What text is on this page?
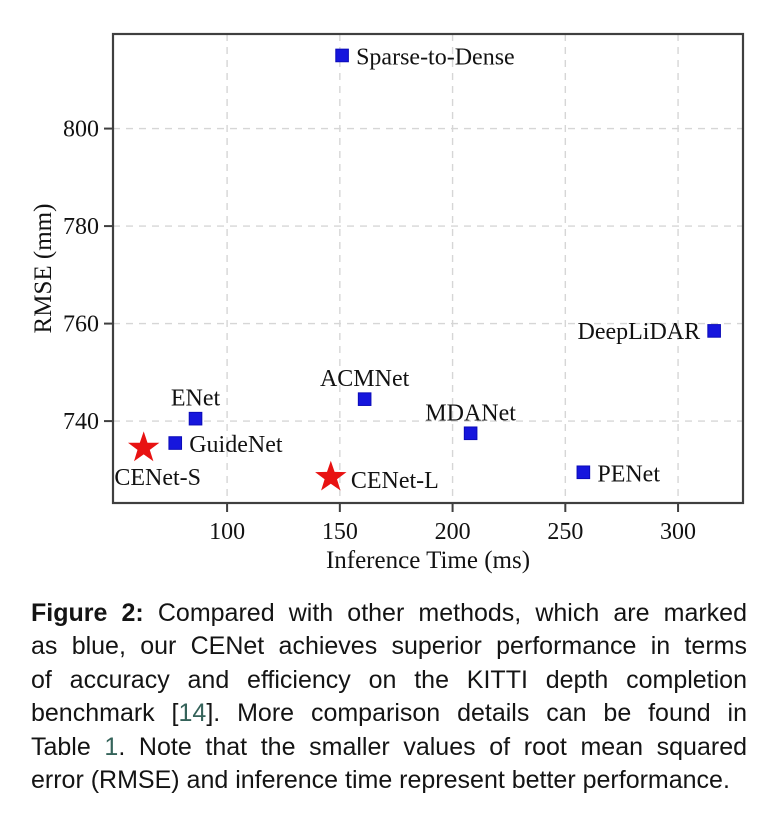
100	150	200	250	300
740
760
780
800
Sparse-to-Dense
DeepLiDAR
ENet
GuideNet
ACMNet
MDANet
PENet
CENet-S	CENet-L
Inference Time (ms)
RMSE (mm)
Figure 2: Compared with other methods, which are marked
as blue, our CENet achieves superior performance in terms
of accuracy and efficiency on the KITTI depth completion
benchmark [14]. More comparison details can be found in
Table 1. Note that the smaller values of root mean squared
error (RMSE) and inference time represent better performance.
